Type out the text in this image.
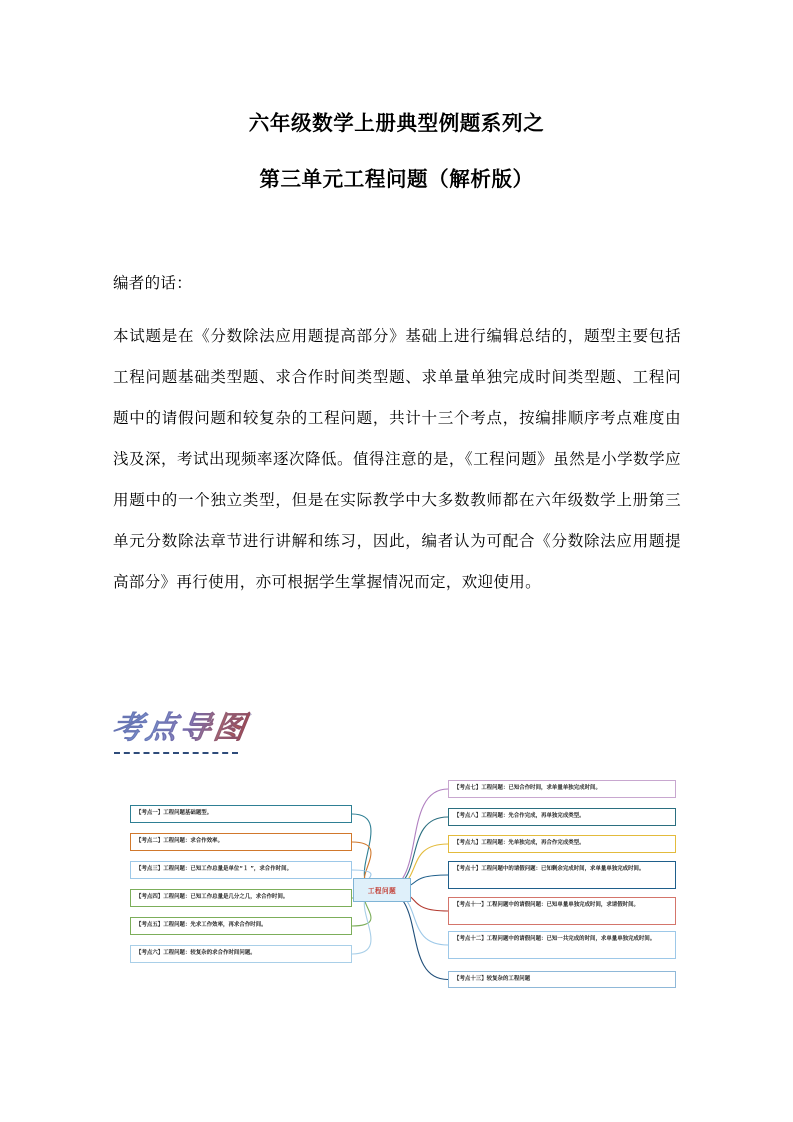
六年级数学上册典型例题系列之
第三单元工程问题（解析版）
编者的话：
本试题是在《分数除法应用题提高部分》基础上进行编辑总结的，题型主要包括工程问题基础类型题、求合作时间类型题、求单量单独完成时间类型题、工程问题中的请假问题和较复杂的工程问题，共计十三个考点，按编排顺序考点难度由浅及深，考试出现频率逐次降低。值得注意的是，《工程问题》虽然是小学数学应用题中的一个独立类型，但是在实际教学中大多数教师都在六年级数学上册第三单元分数除法章节进行讲解和练习，因此，编者认为可配合《分数除法应用题提高部分》再行使用，亦可根据学生掌握情况而定，欢迎使用。
考点导图
工程问题
【考点一】工程问题基础题型。
【考点二】工程问题：求合作效率。
【考点三】工程问题：已知工作总量是单位“１ ”，求合作时间。
【考点四】工程问题：已知工作总量是几分之几，求合作时间。
【考点五】工程问题：先求工作效率，再求合作时间。
【考点六】工程问题：较复杂的求合作时间问题。
【考点七】工程问题：已知合作时间，求单量单独完成时间。
【考点八】工程问题：先合作完成，再单独完成类型。
【考点九】工程问题：先单独完成，再合作完成类型。
【考点十】工程问题中的请假问题：已知剩余完成时间，求单量单独完成时间。
【考点十一】工程问题中的请假问题：已知单量单独完成时间，求请假时间。
【考点十二】工程问题中的请假问题：已知一共完成的时间，求单量单独完成时间。
【考点十三】较复杂的工程问题
